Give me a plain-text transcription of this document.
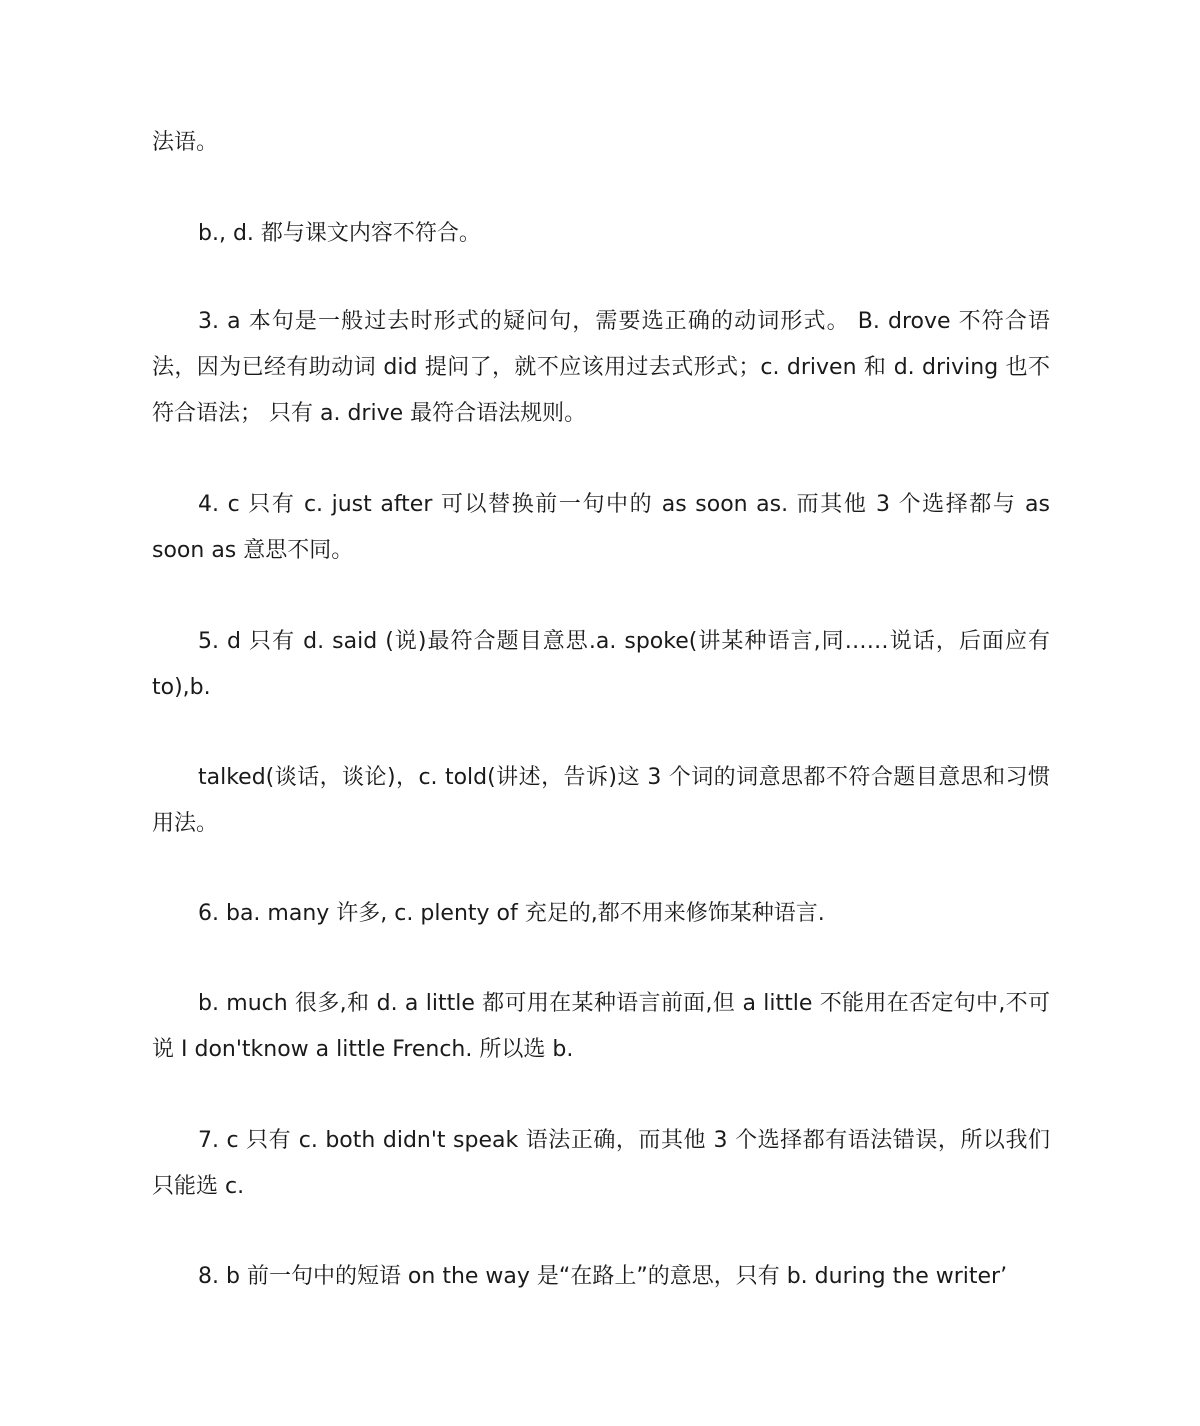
法语。

b., d. 都与课文内容不符合。

3. a 本句是一般过去时形式的疑问句，需要选正确的动词形式。 B. drove 不符合语法，因为已经有助动词 did 提问了，就不应该用过去式形式；c. driven 和 d. driving 也不符合语法； 只有 a. drive 最符合语法规则。

4. c 只有 c. just after 可以替换前一句中的 as soon as. 而其他 3 个选择都与 as soon as 意思不同。

5. d 只有 d. said (说)最符合题目意思.a. spoke(讲某种语言,同……说话，后面应有 to),b.

talked(谈话，谈论)，c. told(讲述，告诉)这 3 个词的词意思都不符合题目意思和习惯用法。

6. ba. many 许多, c. plenty of 充足的,都不用来修饰某种语言.

b. much 很多,和 d. a little 都可用在某种语言前面,但 a little 不能用在否定句中,不可说 I don'tknow a little French. 所以选 b.

7. c 只有 c. both didn't speak 语法正确，而其他 3 个选择都有语法错误，所以我们只能选 c.

8. b 前一句中的短语 on the way 是“在路上”的意思，只有 b. during the writer’
